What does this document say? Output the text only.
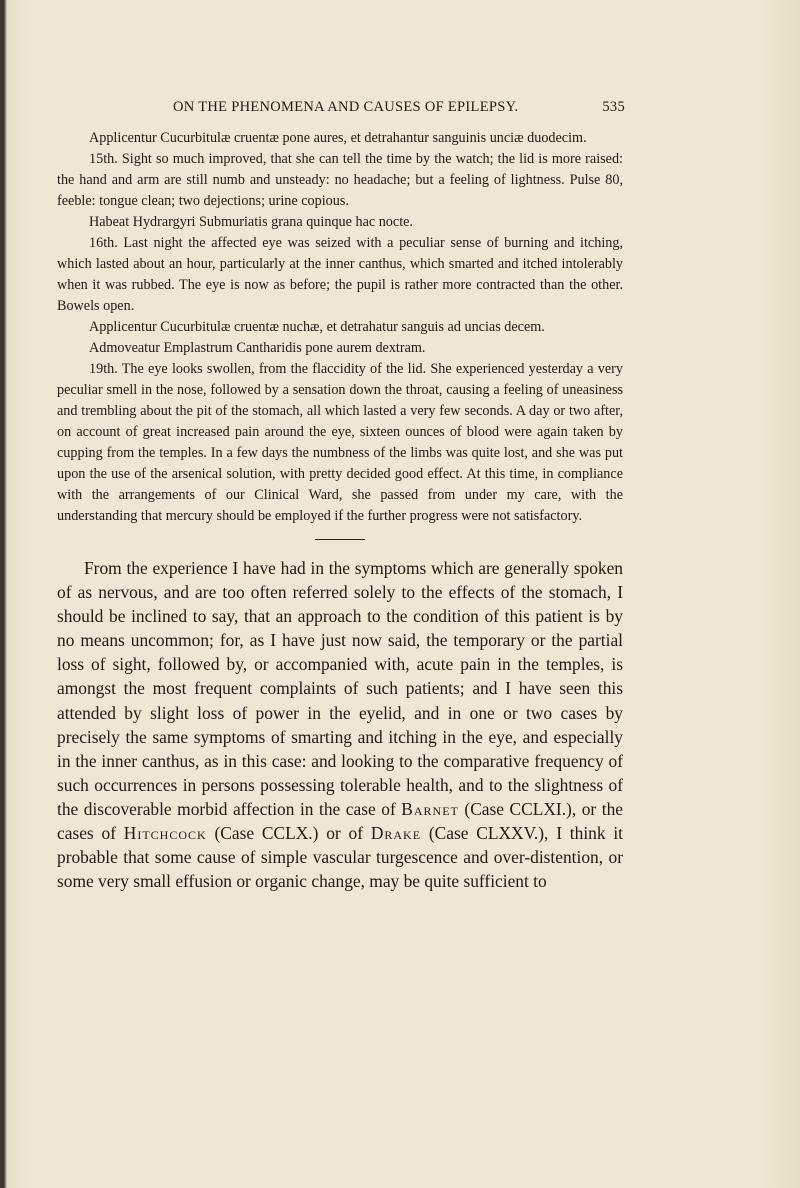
ON THE PHENOMENA AND CAUSES OF EPILEPSY.	535

Applicentur Cucurbitulæ cruentæ pone aures, et detrahantur sanguinis unciæ duodecim.

15th. Sight so much improved, that she can tell the time by the watch; the lid is more raised: the hand and arm are still numb and unsteady: no headache; but a feeling of lightness. Pulse 80, feeble: tongue clean; two dejections; urine copious.

Habeat Hydrargyri Submuriatis grana quinque hac nocte.

16th. Last night the affected eye was seized with a peculiar sense of burning and itching, which lasted about an hour, particularly at the inner canthus, which smarted and itched intolerably when it was rubbed. The eye is now as before; the pupil is rather more contracted than the other. Bowels open.

Applicentur Cucurbitulæ cruentæ nuchæ, et detrahatur sanguis ad uncias decem.

Admoveatur Emplastrum Cantharidis pone aurem dextram.

19th. The eye looks swollen, from the flaccidity of the lid. She experienced yesterday a very peculiar smell in the nose, followed by a sensation down the throat, causing a feeling of uneasiness and trembling about the pit of the stomach, all which lasted a very few seconds. A day or two after, on account of great increased pain around the eye, sixteen ounces of blood were again taken by cupping from the temples. In a few days the numbness of the limbs was quite lost, and she was put upon the use of the arsenical solution, with pretty decided good effect. At this time, in compliance with the arrangements of our Clinical Ward, she passed from under my care, with the understanding that mercury should be employed if the further progress were not satisfactory.

From the experience I have had in the symptoms which are generally spoken of as nervous, and are too often referred solely to the effects of the stomach, I should be inclined to say, that an approach to the condition of this patient is by no means uncommon; for, as I have just now said, the temporary or the partial loss of sight, followed by, or accompanied with, acute pain in the temples, is amongst the most frequent complaints of such patients; and I have seen this attended by slight loss of power in the eyelid, and in one or two cases by precisely the same symptoms of smarting and itching in the eye, and especially in the inner canthus, as in this case: and looking to the comparative frequency of such occurrences in persons possessing tolerable health, and to the slightness of the discoverable morbid affection in the case of Barnet (Case CCLXI.), or the cases of Hitchcock (Case CCLX.) or of Drake (Case CLXXV.), I think it probable that some cause of simple vascular turgescence and over-distention, or some very small effusion or organic change, may be quite sufficient to
